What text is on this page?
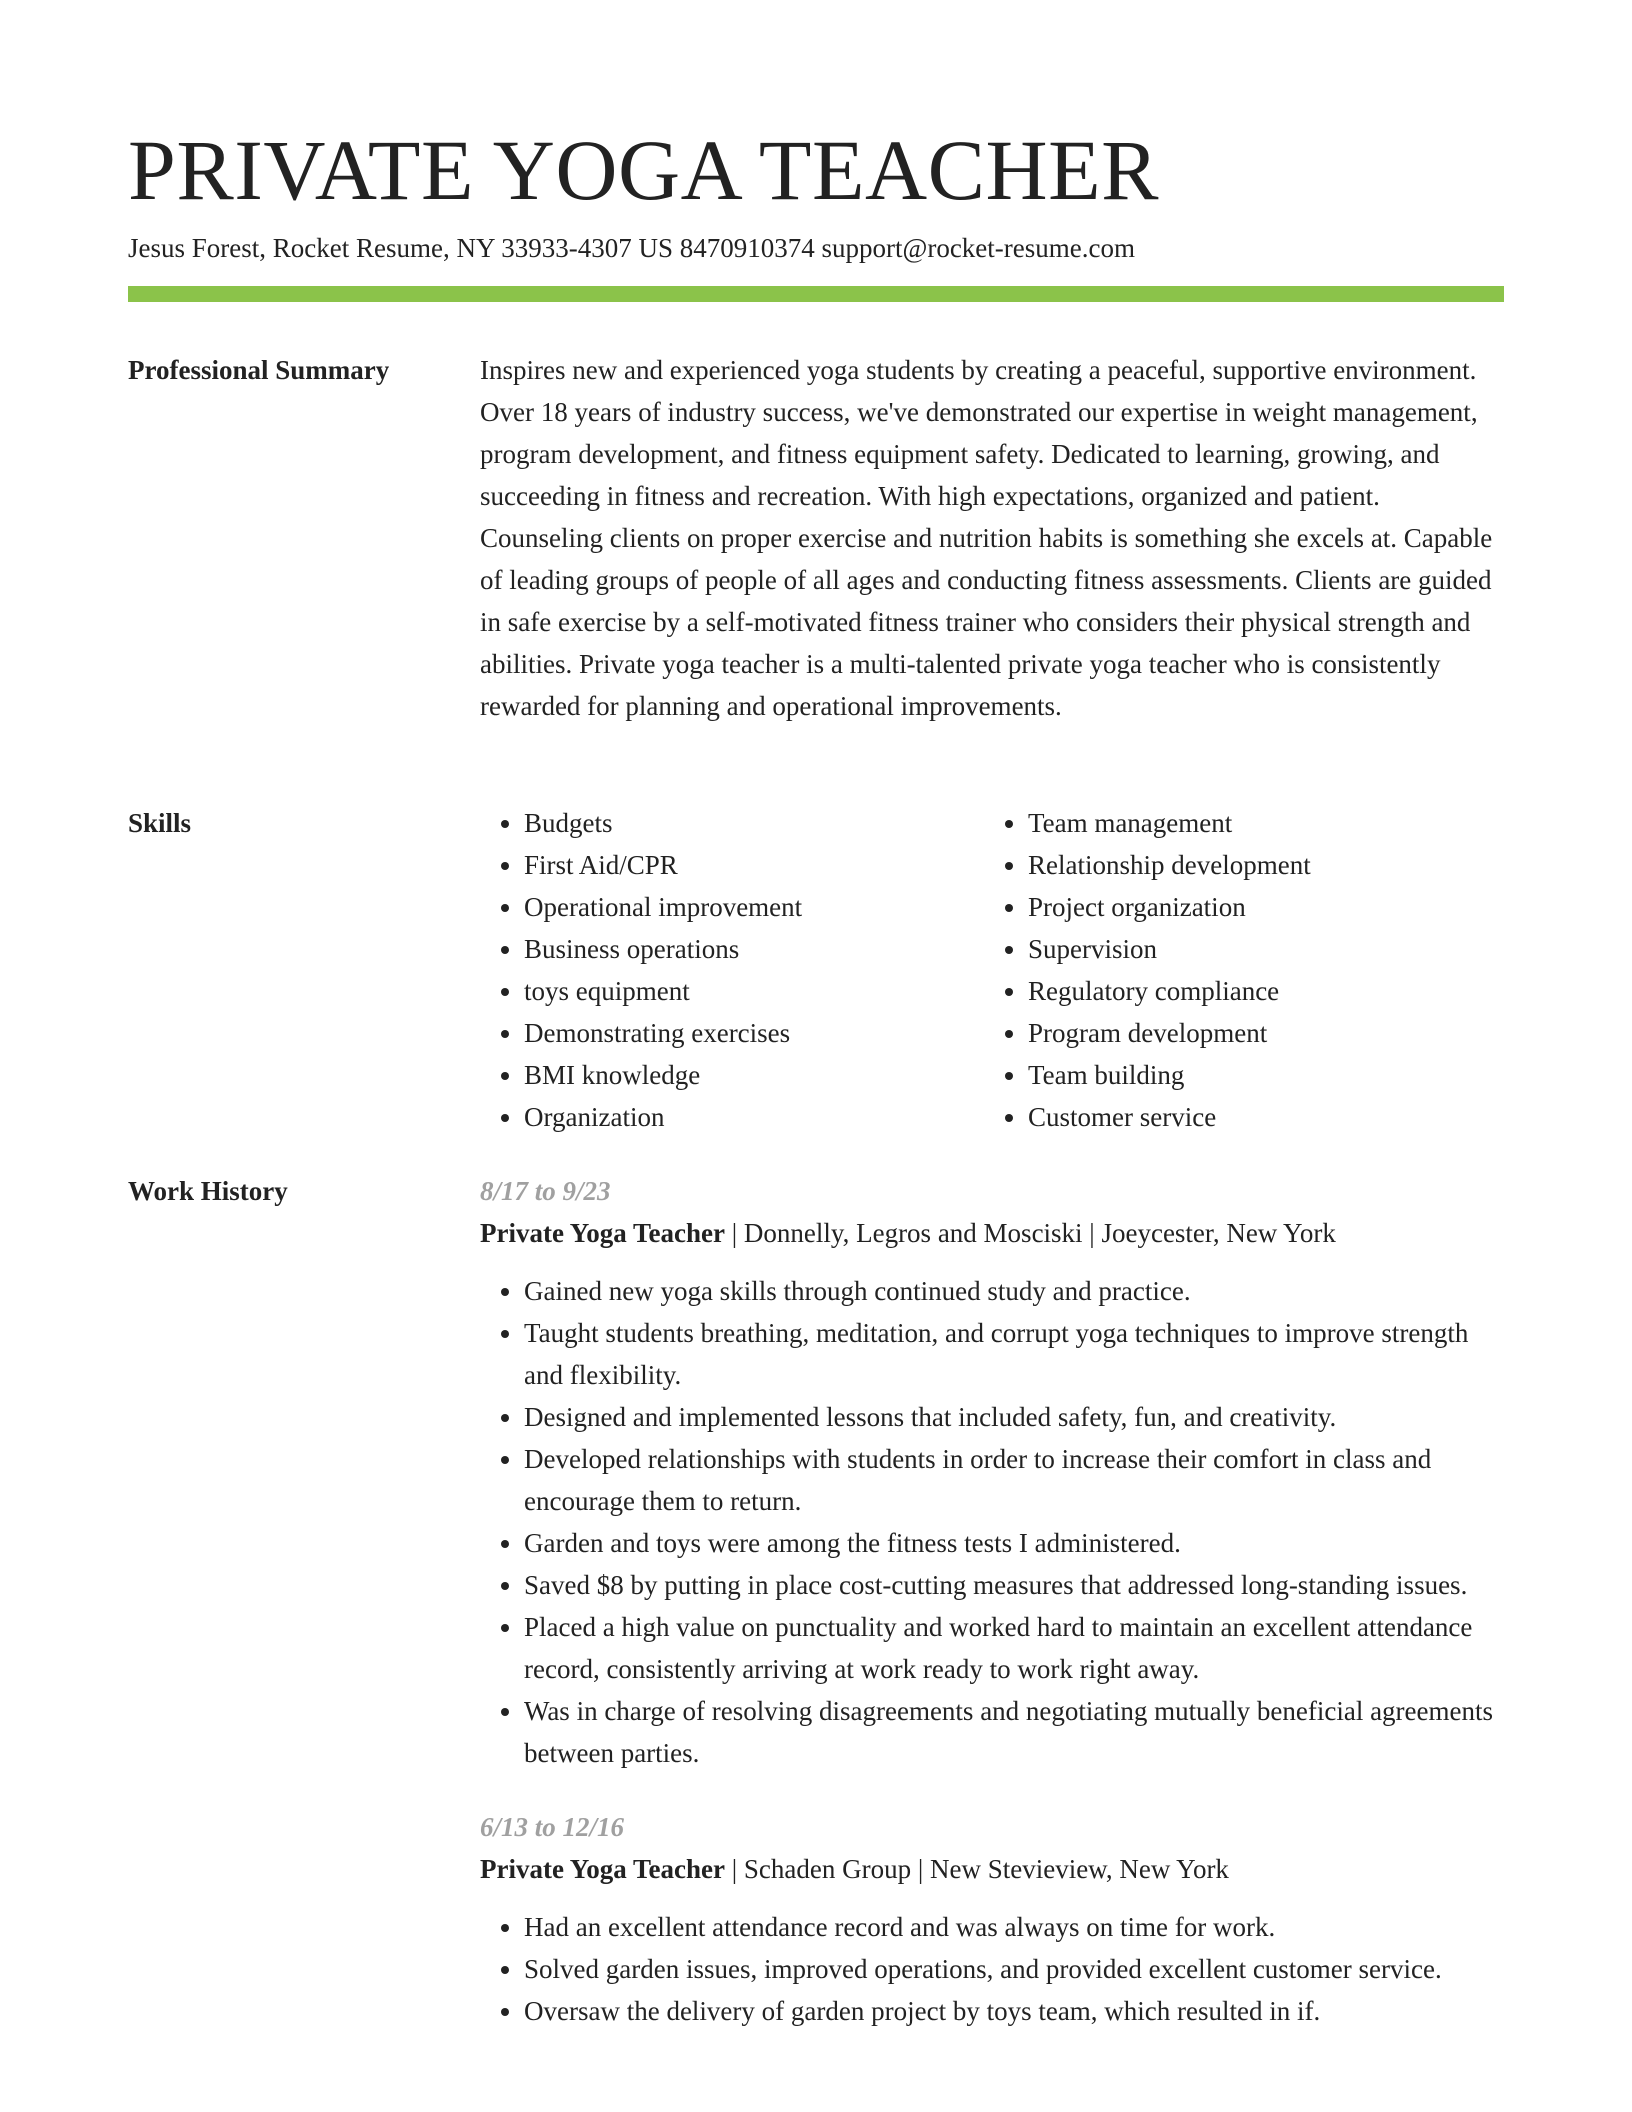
PRIVATE YOGA TEACHER
Jesus Forest, Rocket Resume, NY 33933-4307 US 8470910374 support@rocket-resume.com
Professional Summary	Inspires new and experienced yoga students by creating a peaceful, supportive environment. Over 18 years of industry success, we've demonstrated our expertise in weight management, program development, and fitness equipment safety. Dedicated to learning, growing, and succeeding in fitness and recreation. With high expectations, organized and patient. Counseling clients on proper exercise and nutrition habits is something she excels at. Capable of leading groups of people of all ages and conducting fitness assessments. Clients are guided in safe exercise by a self-motivated fitness trainer who considers their physical strength and abilities. Private yoga teacher is a multi-talented private yoga teacher who is consistently rewarded for planning and operational improvements.

Skills
•	Budgets
• First Aid/CPR
• Operational improvement
• Business operations
• toys equipment
• Demonstrating exercises
• BMI knowledge
• Organization
• Team management
• Relationship development
• Project organization
• Supervision
• Regulatory compliance
• Program development
• Team building
• Customer service
Work History	8/17 to 9/23
Private Yoga Teacher | Donnelly, Legros and Mosciski | Joeycester, New York
• Gained new yoga skills through continued study and practice.
• Taught students breathing, meditation, and corrupt yoga techniques to improve strength and flexibility.
• Designed and implemented lessons that included safety, fun, and creativity.
• Developed relationships with students in order to increase their comfort in class and encourage them to return.
• Garden and toys were among the fitness tests I administered.
• Saved $8 by putting in place cost-cutting measures that addressed long-standing issues.
• Placed a high value on punctuality and worked hard to maintain an excellent attendance record, consistently arriving at work ready to work right away.
• Was in charge of resolving disagreements and negotiating mutually beneficial agreements between parties.
6/13 to 12/16
Private Yoga Teacher | Schaden Group | New Stevieview, New York
• Had an excellent attendance record and was always on time for work.
• Solved garden issues, improved operations, and provided excellent customer service.
• Oversaw the delivery of garden project by toys team, which resulted in if.
